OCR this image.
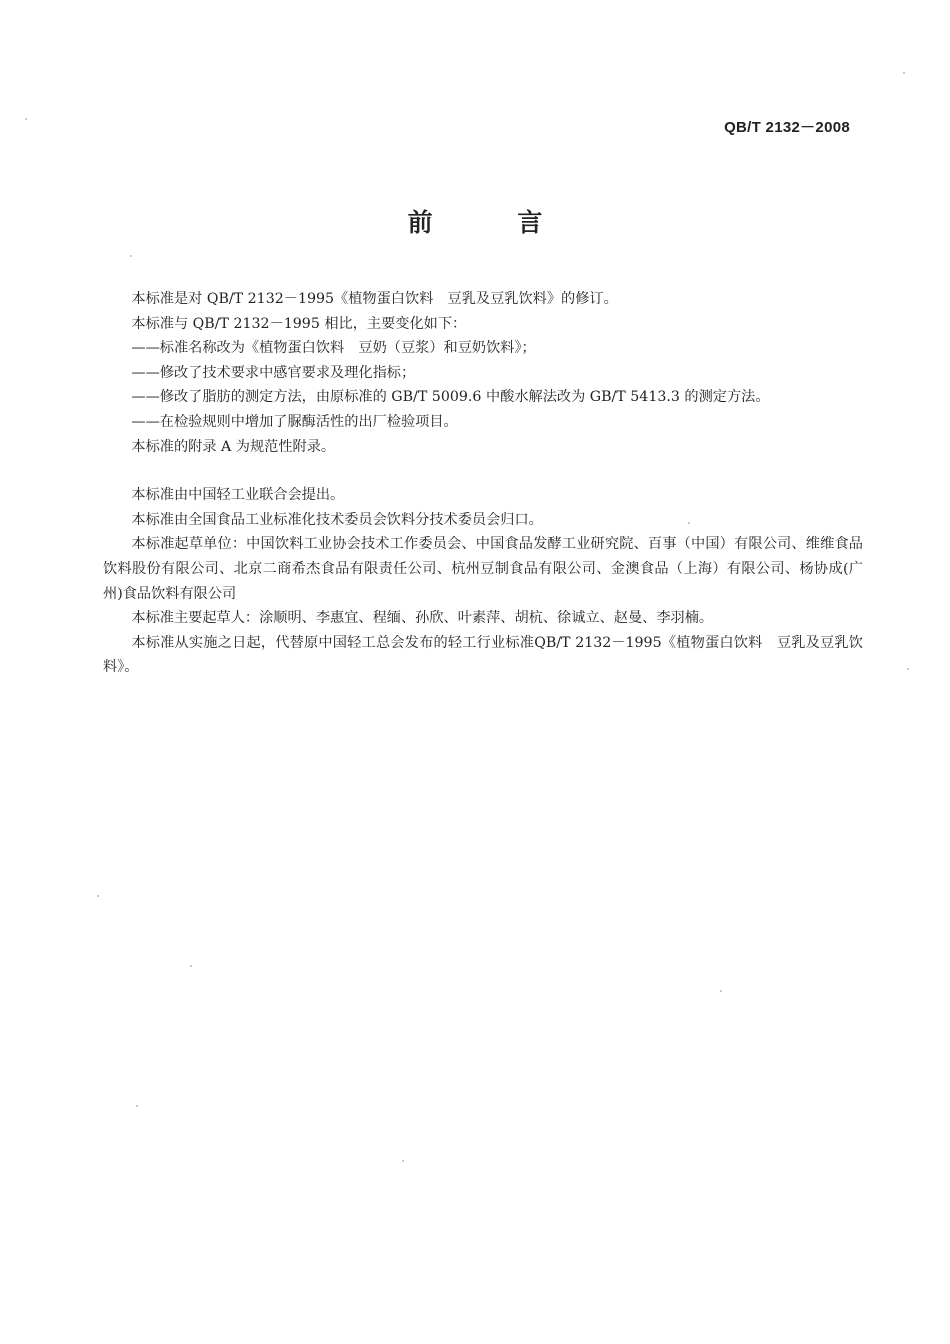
QB/T 2132－2008
前 言

本标准是对 QB/T 2132－1995《植物蛋白饮料　豆乳及豆乳饮料》的修订。

本标准与 QB/T 2132－1995 相比，主要变化如下：

——标准名称改为《植物蛋白饮料　豆奶（豆浆）和豆奶饮料》；

——修改了技术要求中感官要求及理化指标；

——修改了脂肪的测定方法，由原标准的 GB/T 5009.6 中酸水解法改为 GB/T 5413.3 的测定方法。

——在检验规则中增加了脲酶活性的出厂检验项目。

本标准的附录 A 为规范性附录。

本标准由中国轻工业联合会提出。

本标准由全国食品工业标准化技术委员会饮料分技术委员会归口。

本标准起草单位：中国饮料工业协会技术工作委员会、中国食品发酵工业研究院、百事（中国）有限公司、维维食品饮料股份有限公司、北京二商希杰食品有限责任公司、杭州豆制食品有限公司、金澳食品（上海）有限公司、杨协成(广州)食品饮料有限公司

本标准主要起草人：涂顺明、李惠宜、程缅、孙欣、叶素萍、胡杭、徐诚立、赵曼、李羽楠。

本标准从实施之日起，代替原中国轻工总会发布的轻工行业标准QB/T 2132－1995《植物蛋白饮料　豆乳及豆乳饮料》。
